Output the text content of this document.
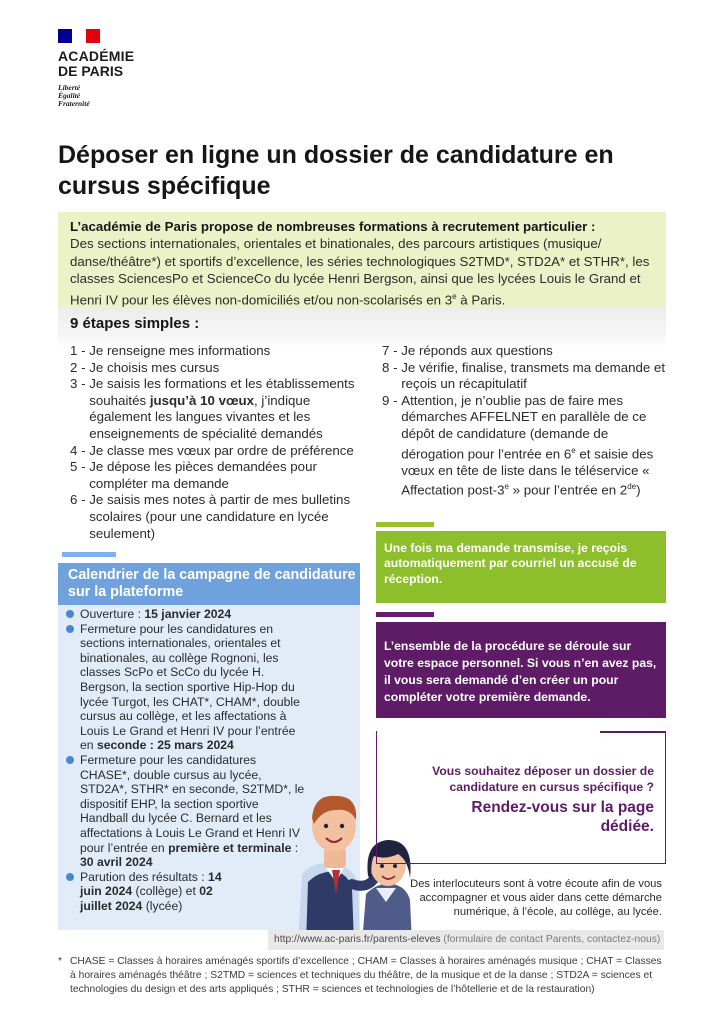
ACADÉMIE
DE PARIS
Liberté
Égalité
Fraternité
Déposer en ligne un dossier de candidature en cursus spécifique
L’académie de Paris propose de nombreuses formations à recrutement particulier :
Des sections internationales, orientales et binationales, des parcours artistiques (musique/ danse/théâtre*) et sportifs d’excellence, les séries technologiques S2TMD*, STD2A* et STHR*, les classes SciencesPo et ScienceCo du lycée Henri Bergson, ainsi que les lycées Louis le Grand et Henri IV pour les élèves non-domiciliés et/ou non-scolarisés en 3e à Paris.
9 étapes simples :
1 - Je renseigne mes informations
2 - Je choisis mes cursus
3 - Je saisis les formations et les établissements souhaités jusqu’à 10 vœux, j’indique également les langues vivantes et les enseignements de spécialité demandés
4 - Je classe mes vœux par ordre de préférence
5 - Je dépose les pièces demandées pour compléter ma demande
6 - Je saisis mes notes à partir de mes bulletins scolaires (pour une candidature en lycée seulement)
7 - Je réponds aux questions
8 - Je vérifie, finalise, transmets ma demande et reçois un récapitulatif
9 - Attention, je n’oublie pas de faire mes démarches AFFELNET en parallèle de ce dépôt de candidature (demande de dérogation pour l’entrée en 6e et saisie des vœux en tête de liste dans le téléservice « Affectation post-3e » pour l’entrée en 2de)
Calendrier de la campagne de candidature sur la plateforme
Ouverture : 15 janvier 2024
Fermeture pour les candidatures en sections internationales, orientales et binationales, au collège Rognoni, les classes ScPo et ScCo du lycée H. Bergson, la section sportive Hip-Hop du lycée Turgot, les CHAT*, CHAM*, double cursus au collège, et les affectations à Louis Le Grand et Henri IV pour l’entrée en seconde : 25 mars 2024
Fermeture pour les candidatures CHASE*, double cursus au lycée, STD2A*, STHR* en seconde, S2TMD*, le dispositif EHP, la section sportive Handball du lycée C. Bernard et les affectations à Louis Le Grand et Henri IV pour l’entrée en première et terminale : 30 avril 2024
Parution des résultats : 14 juin 2024 (collège) et 02 juillet 2024 (lycée)
Une fois ma demande transmise, je reçois automatiquement par courriel un accusé de réception.
L’ensemble de la procédure se déroule sur votre espace personnel. Si vous n’en avez pas, il vous sera demandé d’en créer un pour compléter votre première demande.
Vous souhaitez déposer un dossier de candidature en cursus spécifique ?
Rendez-vous sur la page dédiée.
Des interlocuteurs sont à votre écoute afin de vous accompagner et vous aider dans cette démarche numérique, à l’école, au collège, au lycée.
http://www.ac-paris.fr/parents-eleves (formulaire de contact Parents, contactez-nous)
* CHASE = Classes à horaires aménagés sportifs d’excellence ; CHAM = Classes à horaires aménagés musique ; CHAT = Classes à horaires aménagés théâtre ; S2TMD = sciences et techniques du théâtre, de la musique et de la danse ; STD2A = sciences et technologies du design et des arts appliqués ; STHR = sciences et technologies de l’hôtellerie et de la restauration)
